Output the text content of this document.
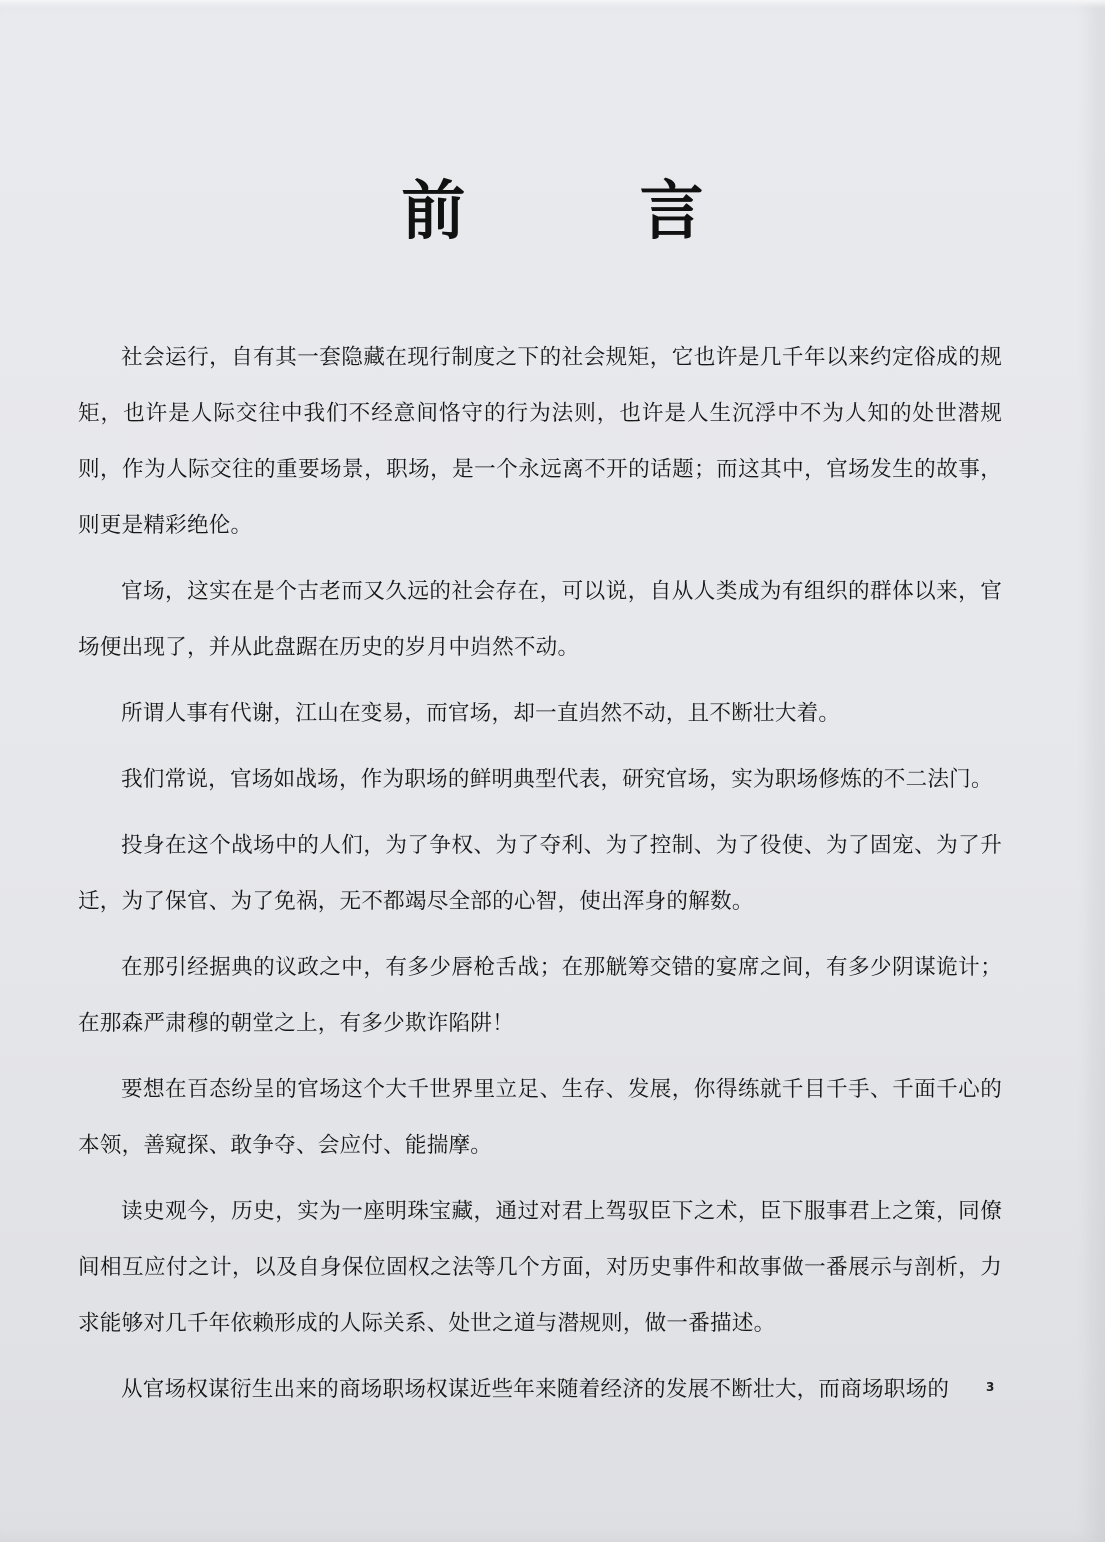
前 言

社会运行，自有其一套隐藏在现行制度之下的社会规矩，它也许是几千年以来约定俗成的规矩，也许是人际交往中我们不经意间恪守的行为法则，也许是人生沉浮中不为人知的处世潜规则，作为人际交往的重要场景，职场，是一个永远离不开的话题；而这其中，官场发生的故事，则更是精彩绝伦。

官场，这实在是个古老而又久远的社会存在，可以说，自从人类成为有组织的群体以来，官场便出现了，并从此盘踞在历史的岁月中岿然不动。

所谓人事有代谢，江山在变易，而官场，却一直岿然不动，且不断壮大着。

我们常说，官场如战场，作为职场的鲜明典型代表，研究官场，实为职场修炼的不二法门。

投身在这个战场中的人们，为了争权、为了夺利、为了控制、为了役使、为了固宠、为了升迁，为了保官、为了免祸，无不都竭尽全部的心智，使出浑身的解数。

在那引经据典的议政之中，有多少唇枪舌战；在那觥筹交错的宴席之间，有多少阴谋诡计；在那森严肃穆的朝堂之上，有多少欺诈陷阱！

要想在百态纷呈的官场这个大千世界里立足、生存、发展，你得练就千目千手、千面千心的本领，善窥探、敢争夺、会应付、能揣摩。

读史观今，历史，实为一座明珠宝藏，通过对君上驾驭臣下之术，臣下服事君上之策，同僚间相互应付之计，以及自身保位固权之法等几个方面，对历史事件和故事做一番展示与剖析，力求能够对几千年依赖形成的人际关系、处世之道与潜规则，做一番描述。

从官场权谋衍生出来的商场职场权谋近些年来随着经济的发展不断壮大，而商场职场的	3
